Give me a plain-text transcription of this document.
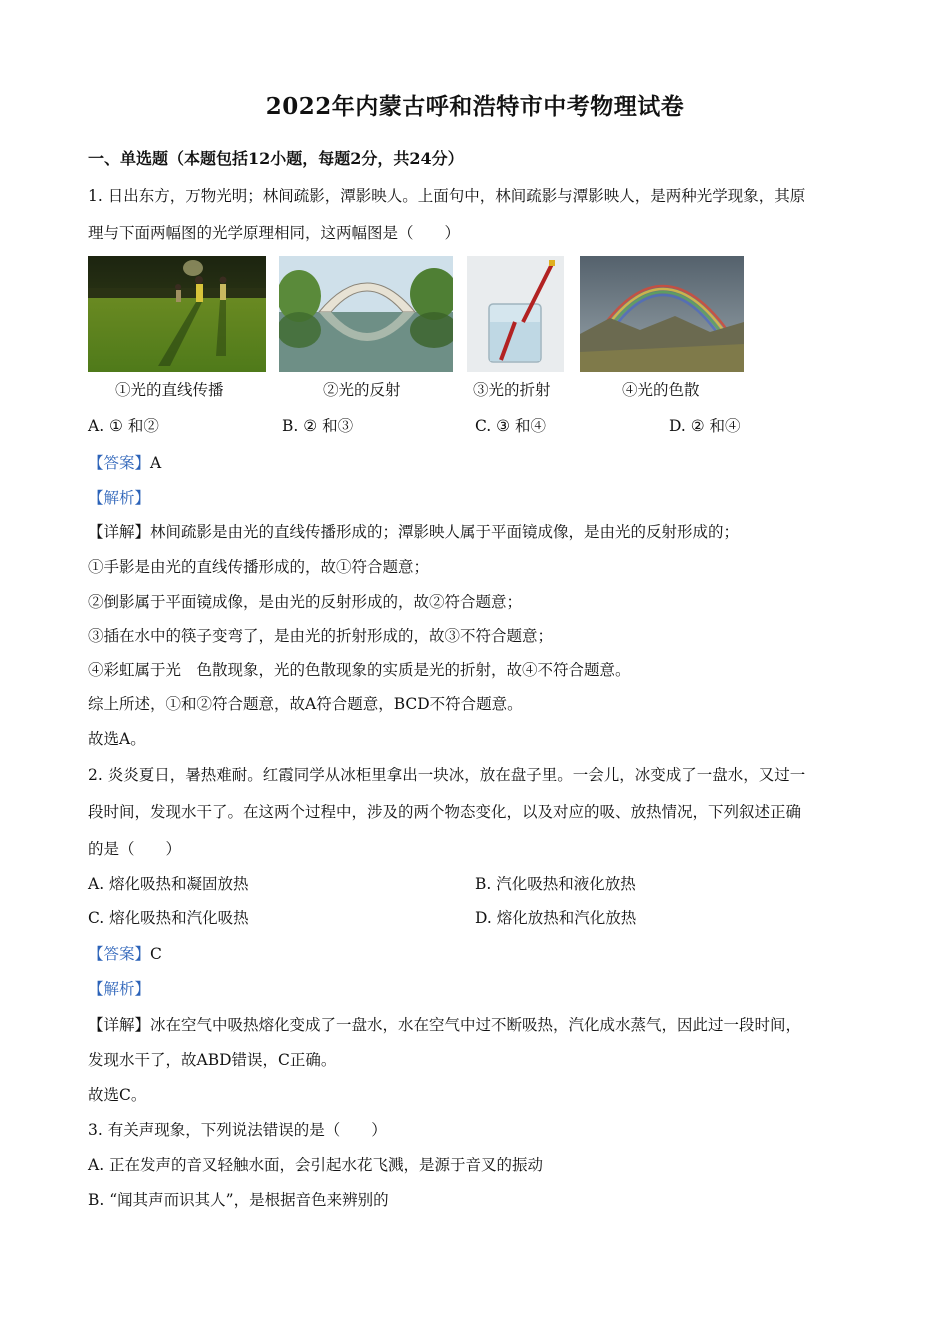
2022年内蒙古呼和浩特市中考物理试卷
一、单选题（本题包括12小题，每题2分，共24分）
1. 日出东方，万物光明；林间疏影，潭影映人。上面句中，林间疏影与潭影映人，是两种光学现象，其原
理与下面两幅图的光学原理相同，这两幅图是（　　）
①光的直线传播	②光的反射	③光的折射	④光的色散
A. ① 和②	B. ② 和③	C. ③ 和④	D. ② 和④
【答案】A
【解析】
【详解】林间疏影是由光的直线传播形成的；潭影映人属于平面镜成像，是由光的反射形成的；
①手影是由光的直线传播形成的，故①符合题意；
②倒影属于平面镜成像，是由光的反射形成的，故②符合题意；
③插在水中的筷子变弯了，是由光的折射形成的，故③不符合题意；
④彩虹属于光　色散现象，光的色散现象的实质是光的折射，故④不符合题意。
综上所述，①和②符合题意，故A符合题意，BCD不符合题意。
故选A。
2. 炎炎夏日，暑热难耐。红霞同学从冰柜里拿出一块冰，放在盘子里。一会儿，冰变成了一盘水，又过一
段时间，发现水干了。在这两个过程中，涉及的两个物态变化，以及对应的吸、放热情况，下列叙述正确
的是（　　）
A. 熔化吸热和凝固放热	B. 汽化吸热和液化放热
C. 熔化吸热和汽化吸热	D. 熔化放热和汽化放热
【答案】C
【解析】
【详解】冰在空气中吸热熔化变成了一盘水，水在空气中过不断吸热，汽化成水蒸气，因此过一段时间，
发现水干了，故ABD错误，C正确。
故选C。
3. 有关声现象，下列说法错误的是（　　）
A. 正在发声的音叉轻触水面，会引起水花飞溅，是源于音叉的振动
B. “闻其声而识其人”，是根据音色来辨别的
